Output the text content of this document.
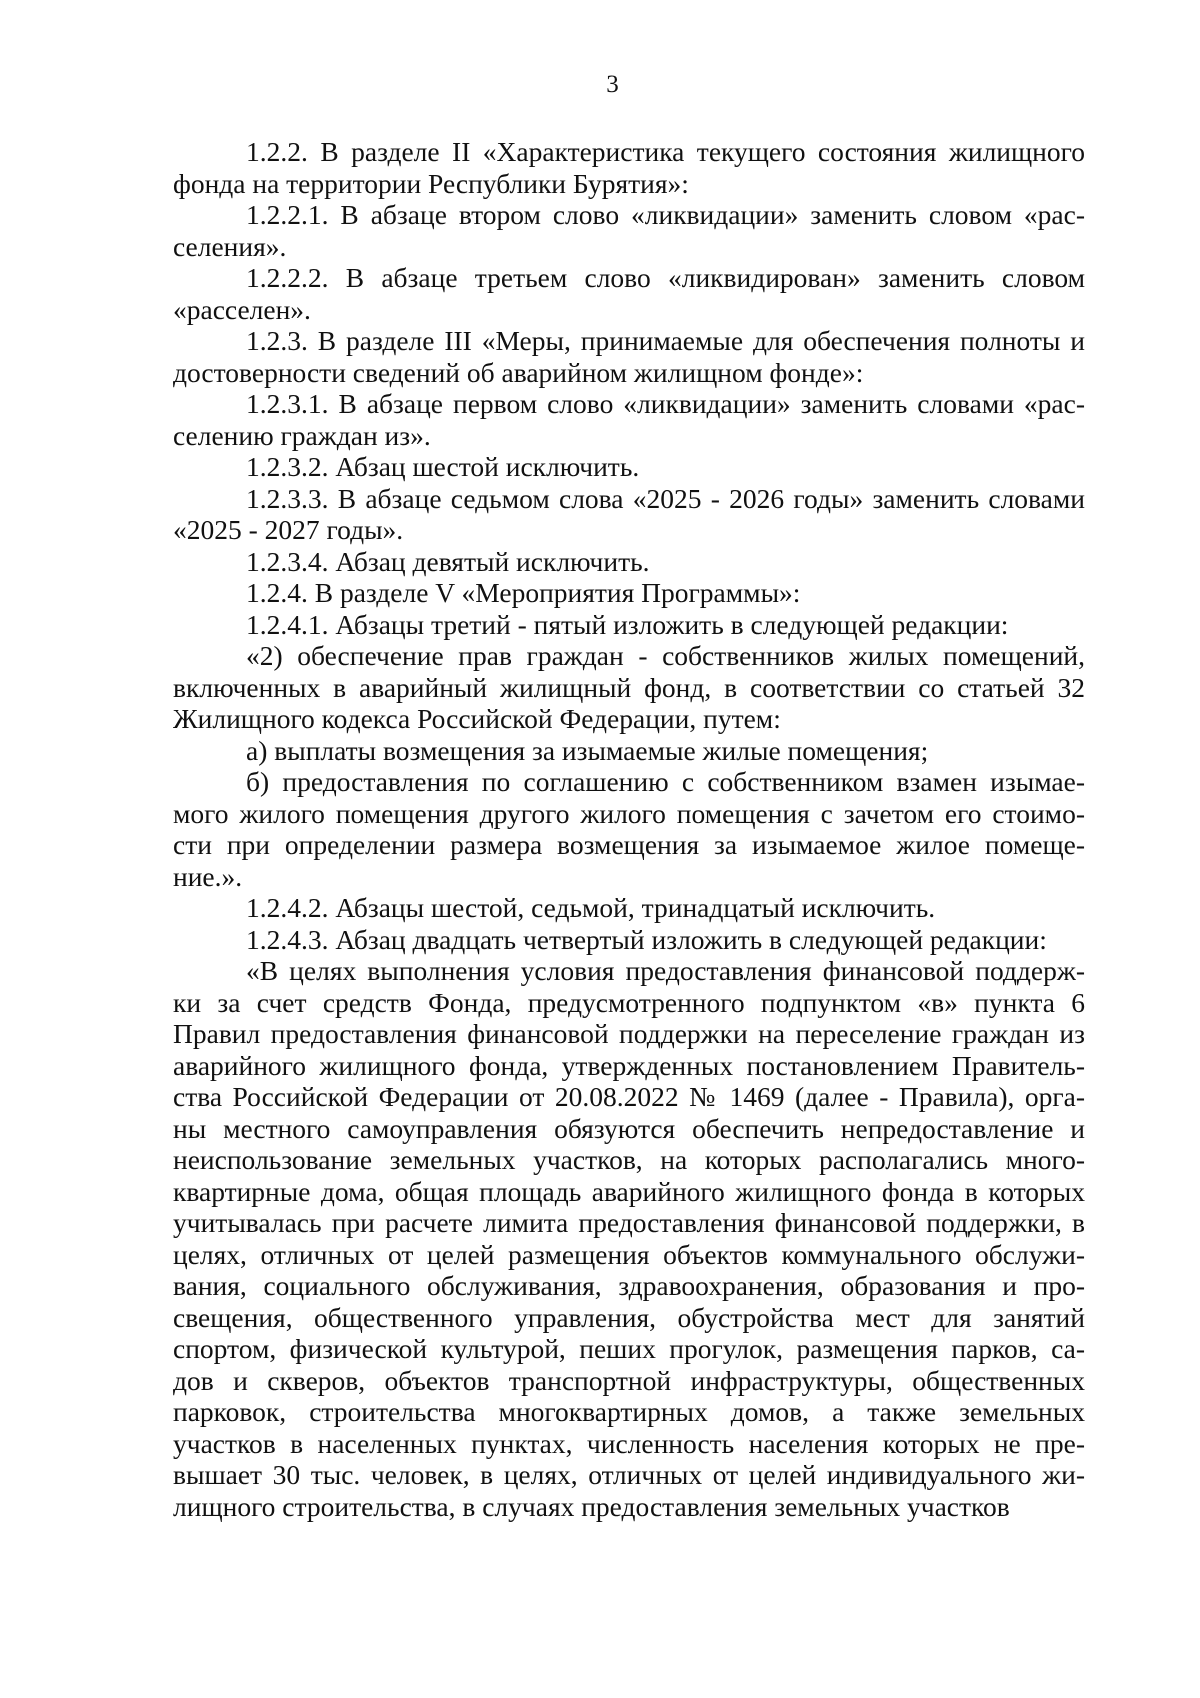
3
1.2.2. В разделе II «Характеристика текущего состояния жилищного
фонда на территории Республики Бурятия»:
1.2.2.1. В абзаце втором слово «ликвидации» заменить словом «рас-
селения».
1.2.2.2. В абзаце третьем слово «ликвидирован» заменить словом
«расселен».
1.2.3. В разделе III «Меры, принимаемые для обеспечения полноты и
достоверности сведений об аварийном жилищном фонде»:
1.2.3.1. В абзаце первом слово «ликвидации» заменить словами «рас-
селению граждан из».
1.2.3.2. Абзац шестой исключить.
1.2.3.3. В абзаце седьмом слова «2025 - 2026 годы» заменить словами
«2025 - 2027 годы».
1.2.3.4. Абзац девятый исключить.
1.2.4. В разделе V «Мероприятия Программы»:
1.2.4.1. Абзацы третий - пятый изложить в следующей редакции:
«2) обеспечение прав граждан - собственников жилых помещений,
включенных в аварийный жилищный фонд, в соответствии со статьей 32
Жилищного кодекса Российской Федерации, путем:
а) выплаты возмещения за изымаемые жилые помещения;
б) предоставления по соглашению с собственником взамен изымае-
мого жилого помещения другого жилого помещения с зачетом его стоимо-
сти при определении размера возмещения за изымаемое жилое помеще-
ние.».
1.2.4.2. Абзацы шестой, седьмой, тринадцатый исключить.
1.2.4.3. Абзац двадцать четвертый изложить в следующей редакции:
«В целях выполнения условия предоставления финансовой поддерж-
ки за счет средств Фонда, предусмотренного подпунктом «в» пункта 6
Правил предоставления финансовой поддержки на переселение граждан из
аварийного жилищного фонда, утвержденных постановлением Правитель-
ства Российской Федерации от 20.08.2022 № 1469 (далее - Правила), орга-
ны местного самоуправления обязуются обеспечить непредоставление и
неиспользование земельных участков, на которых располагались много-
квартирные дома, общая площадь аварийного жилищного фонда в которых
учитывалась при расчете лимита предоставления финансовой поддержки, в
целях, отличных от целей размещения объектов коммунального обслужи-
вания, социального обслуживания, здравоохранения, образования и про-
свещения, общественного управления, обустройства мест для занятий
спортом, физической культурой, пеших прогулок, размещения парков, са-
дов и скверов, объектов транспортной инфраструктуры, общественных
парковок, строительства многоквартирных домов, а также земельных
участков в населенных пунктах, численность населения которых не пре-
вышает 30 тыс. человек, в целях, отличных от целей индивидуального жи-
лищного строительства, в случаях предоставления земельных участков
